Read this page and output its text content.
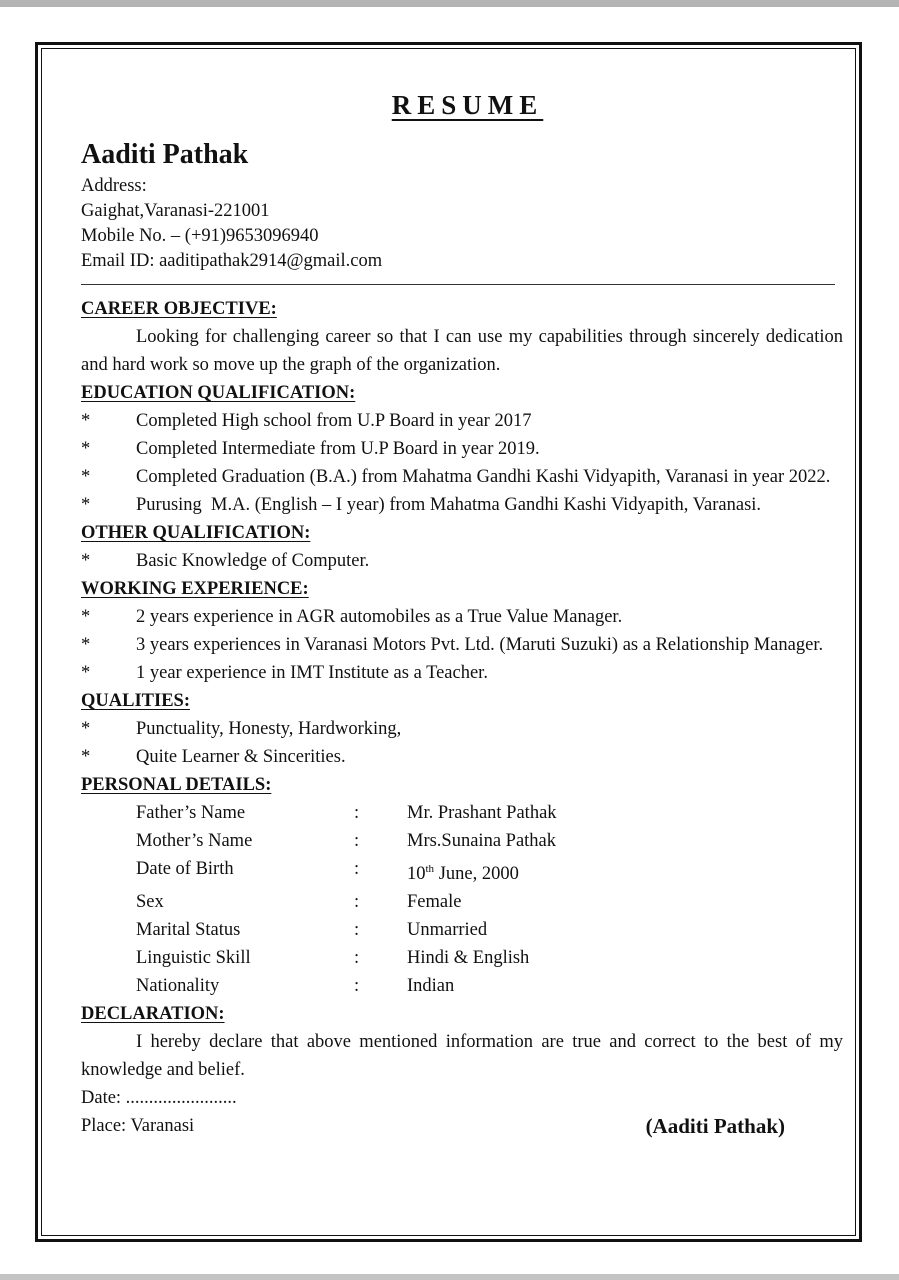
RESUME
Aaditi Pathak
Address:
Gaighat,Varanasi-221001
Mobile No. – (+91)9653096940
Email ID: aaditipathak2914@gmail.com
CAREER OBJECTIVE:
Looking for challenging career so that I can use my capabilities through sincerely dedication and hard work so move up the graph of the organization.
EDUCATION QUALIFICATION:
*	Completed High school from U.P Board in year 2017
*	Completed Intermediate from U.P Board in year 2019.
*	Completed Graduation (B.A.) from Mahatma Gandhi Kashi Vidyapith, Varanasi in year 2022.
*	Purusing  M.A. (English – I year) from Mahatma Gandhi Kashi Vidyapith, Varanasi.
OTHER QUALIFICATION:
*	Basic Knowledge of Computer.
WORKING EXPERIENCE:
*	2 years experience in AGR automobiles as a True Value Manager.
*	3 years experiences in Varanasi Motors Pvt. Ltd. (Maruti Suzuki) as a Relationship Manager.
*	1 year experience in IMT Institute as a Teacher.
QUALITIES:
*	Punctuality, Honesty, Hardworking,
*	Quite Learner & Sincerities.
PERSONAL DETAILS:
Father’s Name	:	Mr. Prashant Pathak
Mother’s Name	:	Mrs.Sunaina Pathak
Date of Birth	:	10th June, 2000
Sex	:	Female
Marital Status	:	Unmarried
Linguistic Skill	:	Hindi & English
Nationality	:	Indian
DECLARATION:
I hereby declare that above mentioned information are true and correct to the best of my knowledge and belief.
Date: ........................
Place: Varanasi	(Aaditi Pathak)
